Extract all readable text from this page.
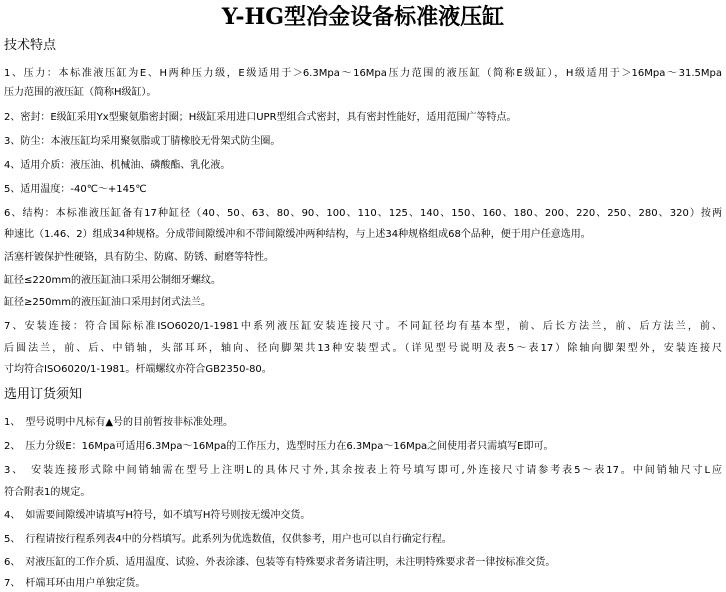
Y-HG型冶金设备标准液压缸
技术特点
1、压力：本标准液压缸为E、H两种压力级，E级适用于＞6.3Mpa～16Mpa压力范围的液压缸（简称E级缸），H级适用于＞16Mpa～31.5Mpa
压力范围的液压缸（简称H级缸）。
2、密封：E级缸采用Yx型聚氨脂密封圈；H级缸采用进口UPR型组合式密封，具有密封性能好，适用范围广等特点。
3、防尘：本液压缸均采用聚氨脂或丁腈橡胶无骨架式防尘圈。
4、适用介质：液压油、机械油、磷酸酯、乳化液。
5、适用温度：-40℃～+145℃
6、结构：本标准液压缸备有17种缸径（40、50、63、80、90、100、110、125、140、150、160、180、200、220、250、280、320）按两
种速比（1.46、2）组成34种规格。分成带间隙缓冲和不带间隙缓冲两种结构，与上述34种规格组成68个品种，便于用户任意选用。
活塞杆镀保护性硬铬，具有防尘、防腐、防锈、耐磨等特性。
缸径≤220mm的液压缸油口采用公制细牙螺纹。
缸径≥250mm的液压缸油口采用封闭式法兰。
7、安装连接：符合国际标准ISO6020/1-1981中系列液压缸安装连接尺寸。不同缸径均有基本型，前、后长方法兰，前、后方法兰，前、
后圆法兰，前、后、中销轴，头部耳环，轴向、径向脚架共13种安装型式。（详见型号说明及表5～表17）除轴向脚架型外，安装连接尺
寸均符合ISO6020/1-1981。杆端螺纹亦符合GB2350-80。
选用订货须知
1、　型号说明中凡标有▲号的目前暂按非标准处理。
2、　压力分级E：16Mpa可适用6.3Mpa～16Mpa的工作压力，选型时压力在6.3Mpa～16Mpa之间使用者只需填写E即可。
3、　安装连接形式除中间销轴需在型号上注明L的具体尺寸外,其余按表上符号填写即可,外连接尺寸请参考表5～表17。中间销轴尺寸L应
符合附表1的规定。
4、　如需要间隙缓冲请填写H符号，如不填写H符号则按无缓冲交货。
5、　行程请按行程系列表4中的分档填写。此系列为优选数值，仅供参考，用户也可以自行确定行程。
6、　对液压缸的工作介质、适用温度、试验、外表涂漆、包装等有特殊要求者务请注明，未注明特殊要求者一律按标准交货。
7、　杆端耳环由用户单独定货。
